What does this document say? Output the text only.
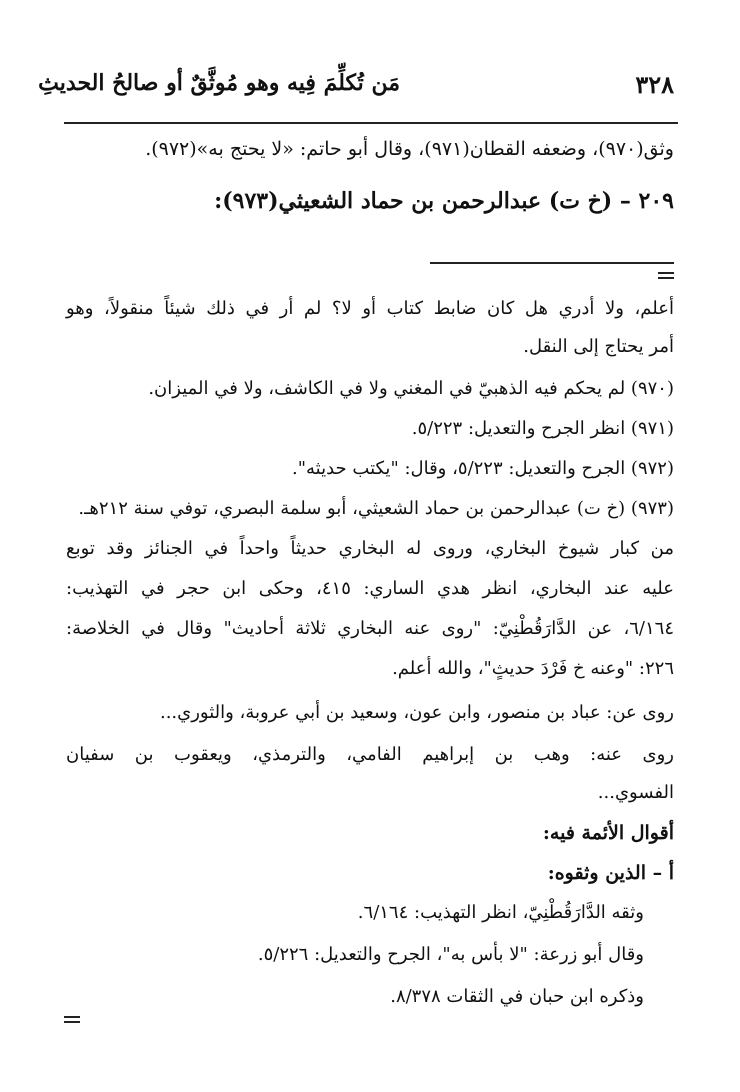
مَن تُكلِّمَ فِيه وهو مُوثَّقٌ أو صالحُ الحديثِ	٣٢٨
وثق(٩٧٠)، وضعفه القطان(٩٧١)، وقال أبو حاتم: «لا يحتج به»(٩٧٢).
٢٠٩ – (خ ت) عبدالرحمن بن حماد الشعيثي(٩٧٣):
أعلم، ولا أدري هل كان ضابط كتاب أو لا؟ لم أر في ذلك شيئاً منقولاً، وهو
أمر يحتاج إلى النقل.
(٩٧٠) لم يحكم فيه الذهبيّ في المغني ولا في الكاشف، ولا في الميزان.
(٩٧١) انظر الجرح والتعديل: ٥/٢٢٣.
(٩٧٢) الجرح والتعديل: ٥/٢٢٣، وقال: "يكتب حديثه".
(٩٧٣) (خ ت) عبدالرحمن بن حماد الشعيثي، أبو سلمة البصري، توفي سنة ٢١٢هـ.
من كبار شيوخ البخاري، وروى له البخاري حديثاً واحداً في الجنائز وقد توبع
عليه عند البخاري، انظر هدي الساري: ٤١٥، وحكى ابن حجر في التهذيب:
٦/١٦٤، عن الدَّارَقُطْنِيّ: "روى عنه البخاري ثلاثة أحاديث" وقال في الخلاصة:
٢٢٦: "وعنه خ فَرْدَ حديثٍ"، والله أعلم.
روى عن: عباد بن منصور، وابن عون، وسعيد بن أبي عروبة، والثوري...
روى عنه: وهب بن إبراهيم الفامي، والترمذي، ويعقوب بن سفيان
الفسوي...
أقوال الأئمة فيه:
أ – الذين وثقوه:
وثقه الدَّارَقُطْنِيّ، انظر التهذيب: ٦/١٦٤.
وقال أبو زرعة: "لا بأس به"، الجرح والتعديل: ٥/٢٢٦.
وذكره ابن حبان في الثقات ٨/٣٧٨.
